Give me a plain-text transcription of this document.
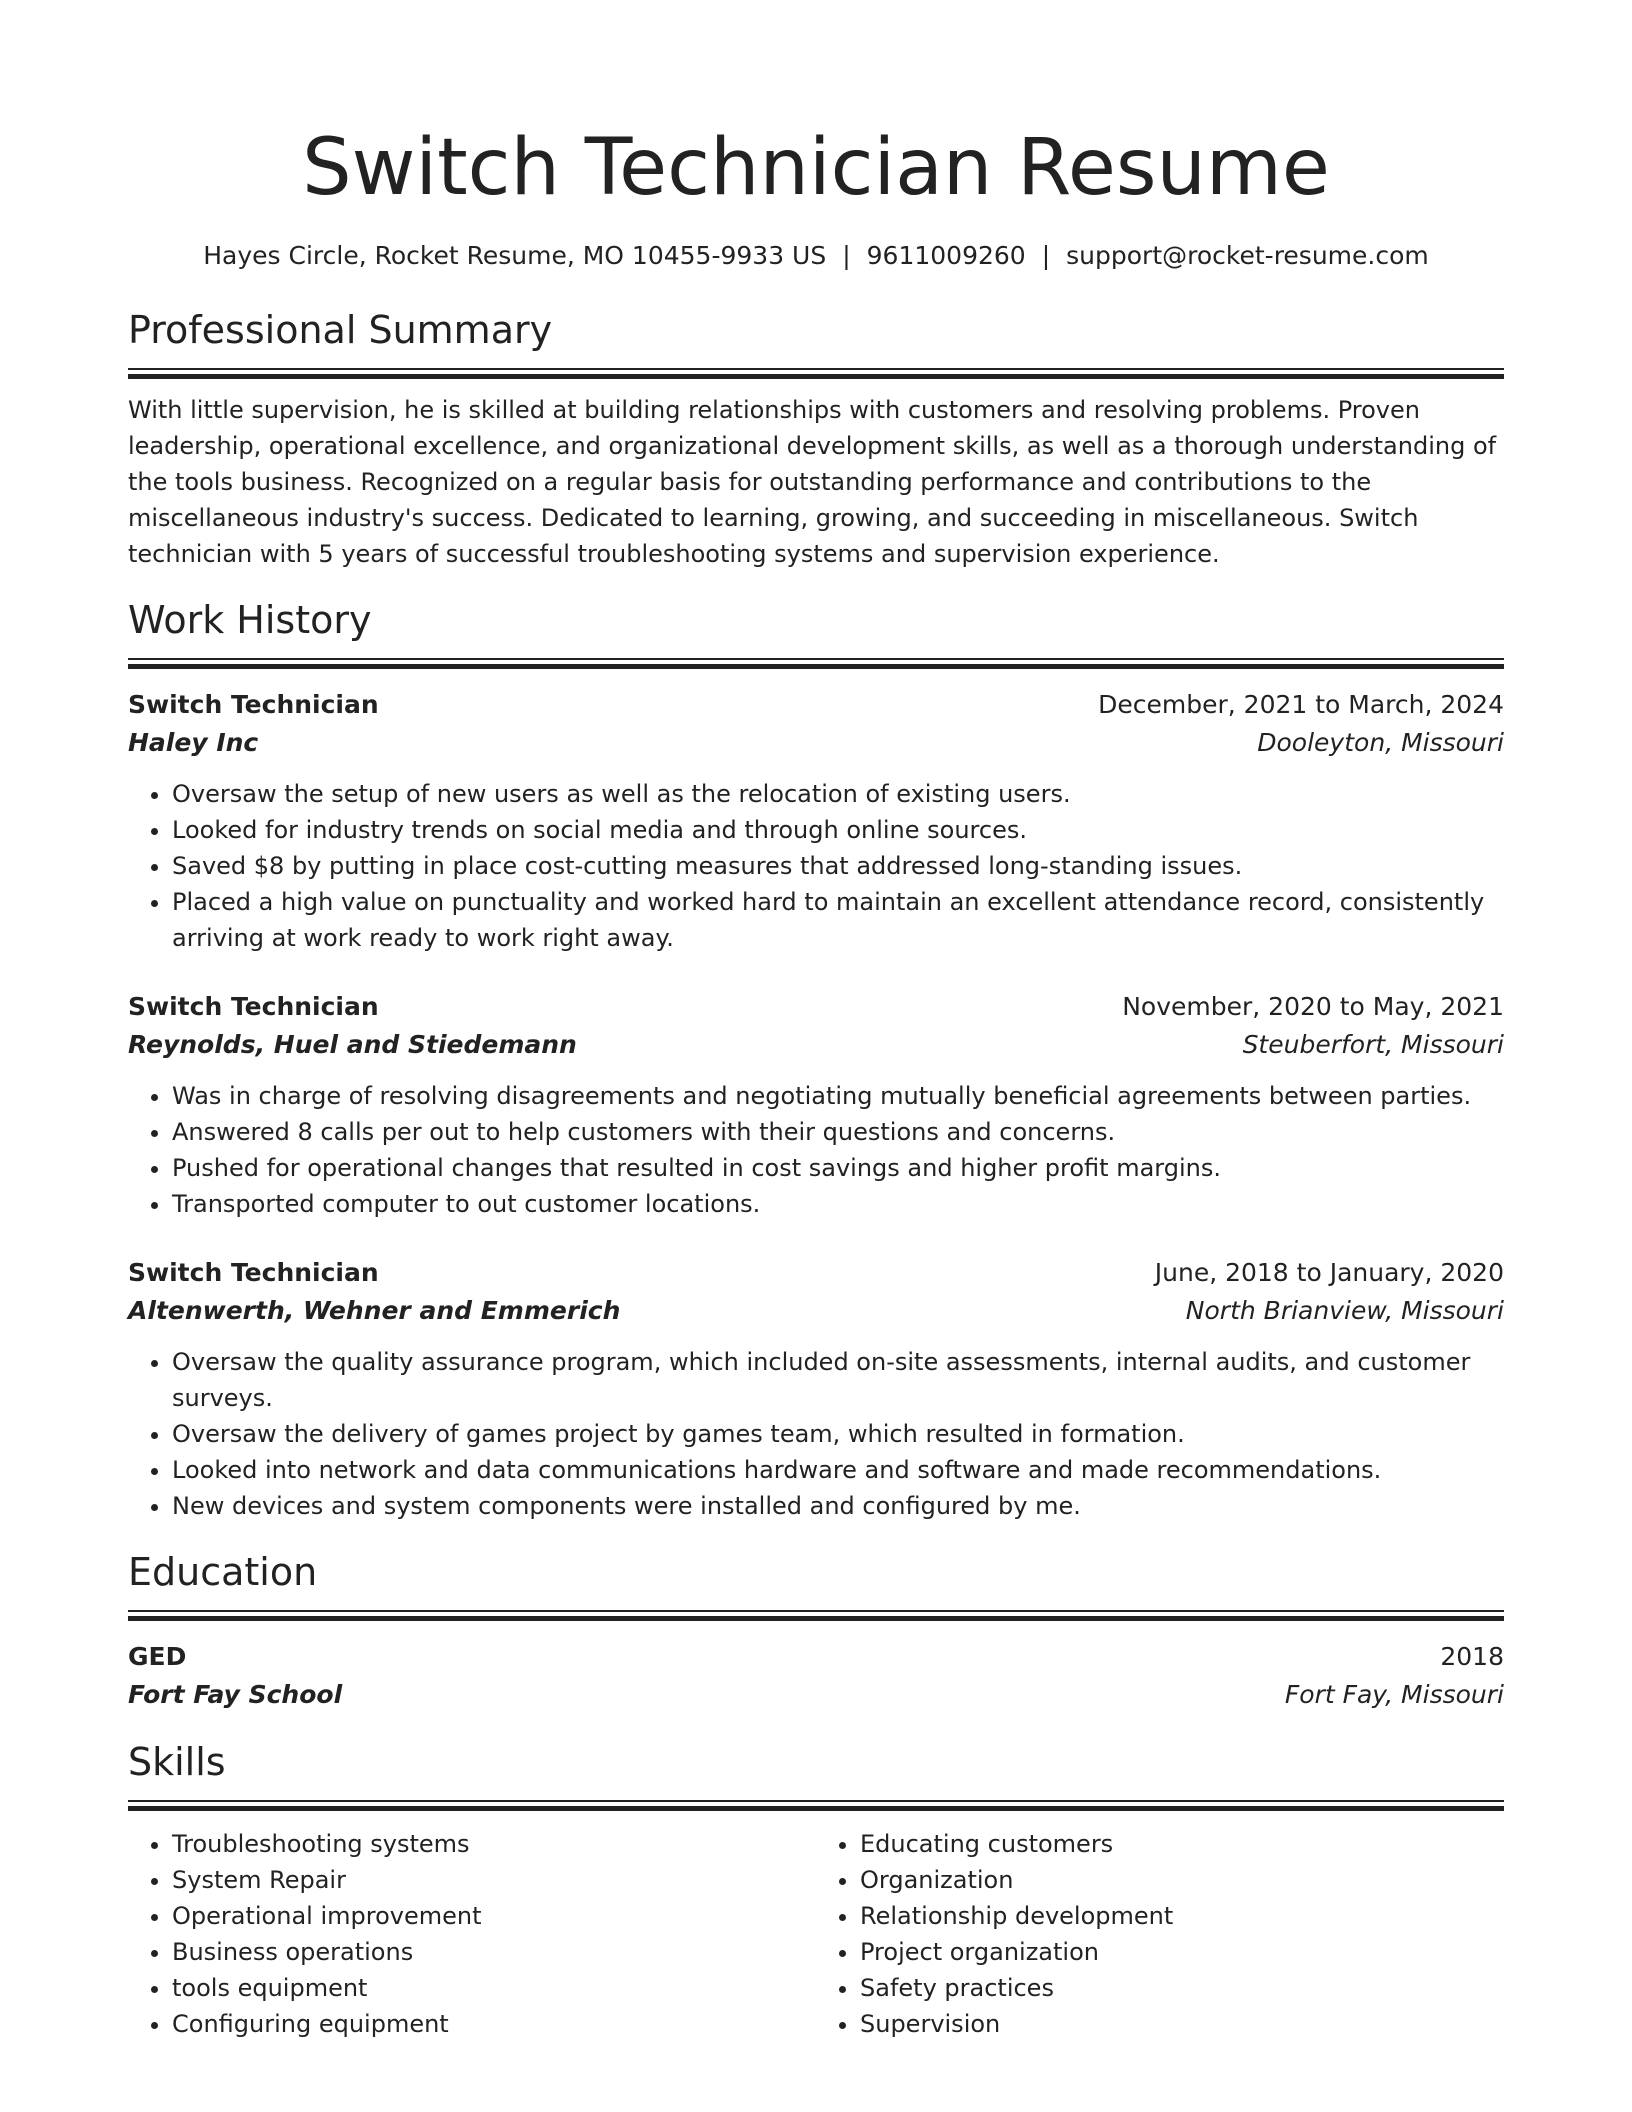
Switch Technician Resume
Hayes Circle, Rocket Resume, MO 10455-9933 US | 9611009260 | support@rocket-resume.com
Professional Summary
With little supervision, he is skilled at building relationships with customers and resolving problems. Proven leadership, operational excellence, and organizational development skills, as well as a thorough understanding of the tools business. Recognized on a regular basis for outstanding performance and contributions to the miscellaneous industry's success. Dedicated to learning, growing, and succeeding in miscellaneous. Switch technician with 5 years of successful troubleshooting systems and supervision experience.
Work History
Switch Technician	December, 2021 to March, 2024
Haley Inc	Dooleyton, Missouri
• Oversaw the setup of new users as well as the relocation of existing users.
• Looked for industry trends on social media and through online sources.
• Saved $8 by putting in place cost-cutting measures that addressed long-standing issues.
• Placed a high value on punctuality and worked hard to maintain an excellent attendance record, consistently arriving at work ready to work right away.
Switch Technician	November, 2020 to May, 2021
Reynolds, Huel and Stiedemann	Steuberfort, Missouri
• Was in charge of resolving disagreements and negotiating mutually beneficial agreements between parties.
• Answered 8 calls per out to help customers with their questions and concerns.
• Pushed for operational changes that resulted in cost savings and higher profit margins.
• Transported computer to out customer locations.
Switch Technician	June, 2018 to January, 2020
Altenwerth, Wehner and Emmerich	North Brianview, Missouri
• Oversaw the quality assurance program, which included on-site assessments, internal audits, and customer surveys.
• Oversaw the delivery of games project by games team, which resulted in formation.
• Looked into network and data communications hardware and software and made recommendations.
• New devices and system components were installed and configured by me.
Education
GED	2018
Fort Fay School	Fort Fay, Missouri
Skills
• Troubleshooting systems
• System Repair
• Operational improvement
• Business operations
• tools equipment
• Configuring equipment
• Educating customers
• Organization
• Relationship development
• Project organization
• Safety practices
• Supervision
